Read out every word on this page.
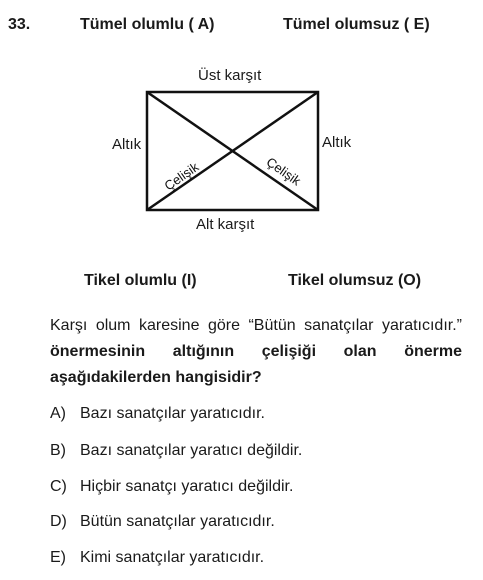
33.	Tümel olumlu ( A)	Tümel olumsuz ( E)
Üst karşıt
Altık	Altık
Alt karşıt
Çelişik	Çelişik
Tikel olumlu (I)	Tikel olumsuz (O)
Karşı olum karesine göre “Bütün sanatçılar yaratıcıdır.” önermesinin altığının çelişiği olan önerme aşağıdakilerden hangisidir?
A) Bazı sanatçılar yaratıcıdır.
B) Bazı sanatçılar yaratıcı değildir.
C) Hiçbir sanatçı yaratıcı değildir.
D) Bütün sanatçılar yaratıcıdır.
E) Kimi sanatçılar yaratıcıdır.
